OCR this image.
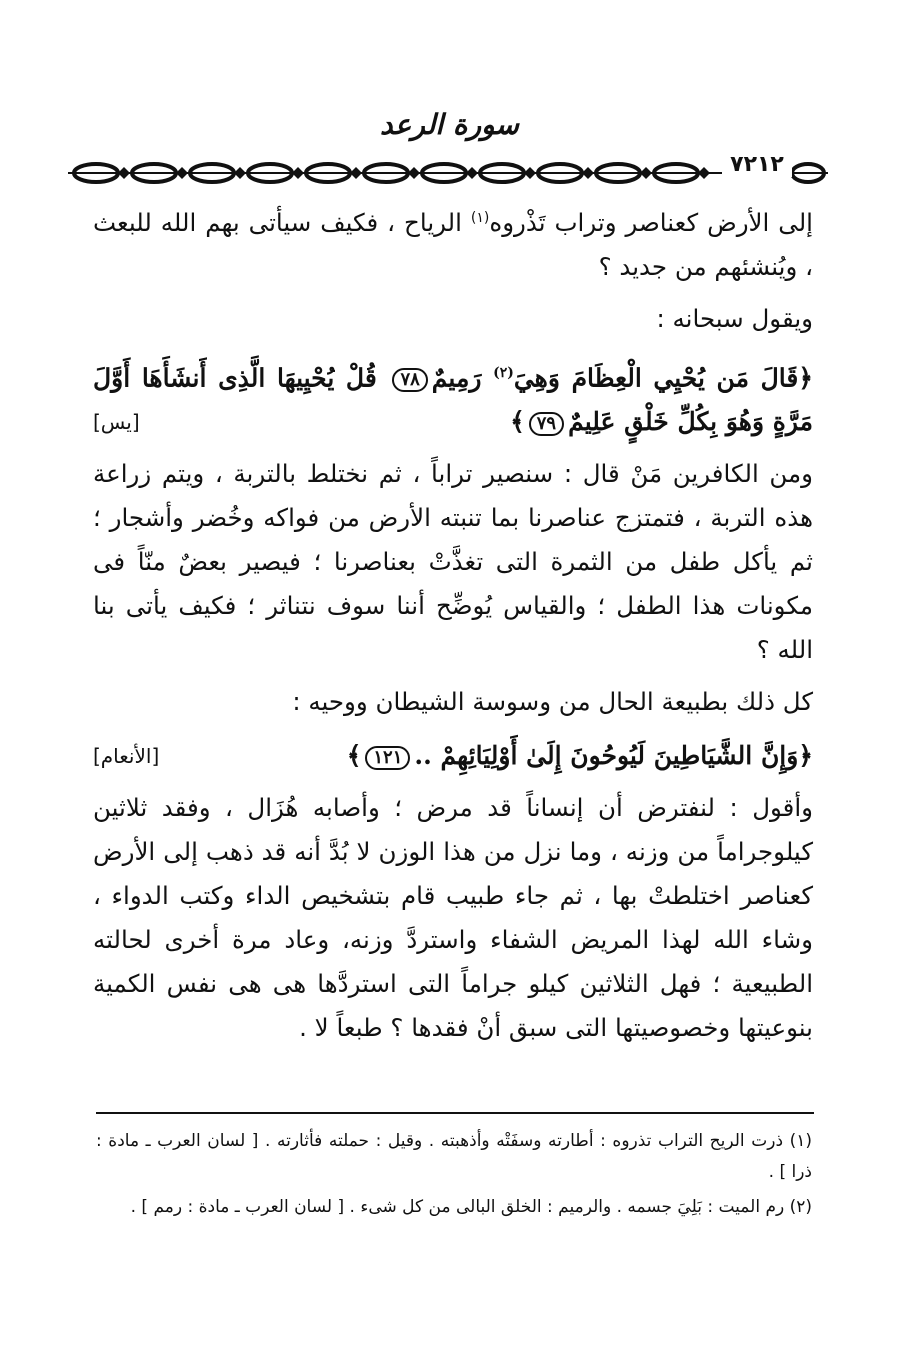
سورة الرعد
٧٢١٢

إلى الأرض كعناصر وتراب تَذْروه$^{(١)}$ الرياح ، فكيف سيأتى بهم الله للبعث ، ويُنشئهم من جديد ؟

ويقول سبحانه :

﴿قَالَ مَن يُحْيِي الْعِظَامَ وَهِيَ$^{(٢)}$ رَمِيمٌ٧٨ قُلْ يُحْيِيهَا الَّذِى أَنشَأَهَا أَوَّلَ مَرَّةٍ وَهُوَ بِكُلِّ خَلْقٍ عَلِيمٌ٧٩﴾
[يس]

ومن الكافرين مَنْ قال : سنصير تراباً ، ثم نختلط بالتربة ، ويتم زراعة هذه التربة ، فتمتزج عناصرنا بما تنبته الأرض من فواكه وخُضر وأشجار ؛ ثم يأكل طفل من الثمرة التى تغذَّتْ بعناصرنا ؛ فيصير بعضٌ منّاً فى مكونات هذا الطفل ؛ والقياس يُوضِّح أننا سوف نتناثر ؛ فكيف يأتى بنا الله ؟

كل ذلك بطبيعة الحال من وسوسة الشيطان ووحيه :

﴿وَإِنَّ الشَّيَاطِينَ لَيُوحُونَ إِلَىٰ أَوْلِيَائِهِمْ ..١٢١﴾
[الأنعام]

وأقول : لنفترض أن إنساناً قد مرض ؛ وأصابه هُزَال ، وفقد ثلاثين كيلوجراماً من وزنه ، وما نزل من هذا الوزن لا بُدَّ أنه قد ذهب إلى الأرض كعناصر اختلطتْ بها ، ثم جاء طبيب قام بتشخيص الداء وكتب الدواء ، وشاء الله لهذا المريض الشفاء واستردَّ وزنه، وعاد مرة أخرى لحالته الطبيعية ؛ فهل الثلاثين كيلو جراماً التى استردَّها هى هى نفس الكمية بنوعيتها وخصوصيتها التى سبق أنْ فقدها ؟ طبعاً لا .

(١) ذرت الريح التراب تذروه : أطارته وسفَتْه وأذهبته . وقيل : حملته فأثارته . [ لسان العرب ـ مادة : ذرا ] .

(٢) رم الميت : بَلِيَ جسمه . والرميم : الخلق البالى من كل شىء . [ لسان العرب ـ مادة : رمم ] .
